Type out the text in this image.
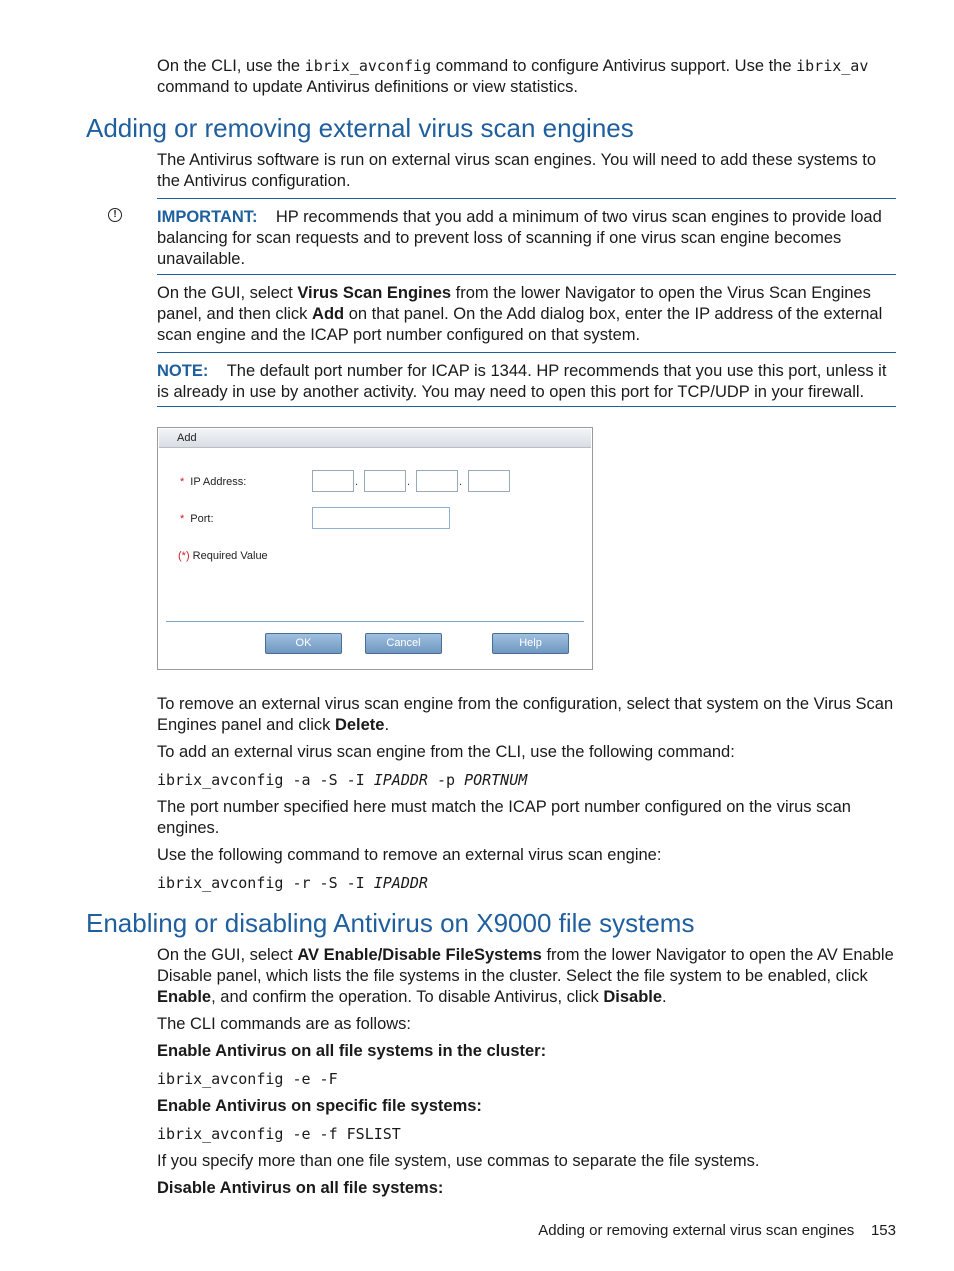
On the CLI, use the ibrix_avconfig command to configure Antivirus support. Use the ibrix_av
command to update Antivirus definitions or view statistics.
Adding or removing external virus scan engines
The Antivirus software is run on external virus scan engines. You will need to add these systems to the Antivirus configuration.
!	IMPORTANT: HP recommends that you add a minimum of two virus scan engines to provide load balancing for scan requests and to prevent loss of scanning if one virus scan engine becomes unavailable.
On the GUI, select Virus Scan Engines from the lower Navigator to open the Virus Scan Engines panel, and then click Add on that panel. On the Add dialog box, enter the IP address of the external scan engine and the ICAP port number configured on that system.
NOTE: The default port number for ICAP is 1344. HP recommends that you use this port, unless it is already in use by another activity. You may need to open this port for TCP/UDP in your firewall.
Add
* IP Address:	.	.	.
* Port:
(*) Required Value
OK	Cancel	Help
To remove an external virus scan engine from the configuration, select that system on the Virus Scan Engines panel and click Delete.
To add an external virus scan engine from the CLI, use the following command:
ibrix_avconfig -a -S -I IPADDR -p PORTNUM
The port number specified here must match the ICAP port number configured on the virus scan engines.
Use the following command to remove an external virus scan engine:
ibrix_avconfig -r -S -I IPADDR
Enabling or disabling Antivirus on X9000 file systems
On the GUI, select AV Enable/Disable FileSystems from the lower Navigator to open the AV Enable Disable panel, which lists the file systems in the cluster. Select the file system to be enabled, click Enable, and confirm the operation. To disable Antivirus, click Disable.
The CLI commands are as follows:
Enable Antivirus on all file systems in the cluster:
ibrix_avconfig -e -F
Enable Antivirus on specific file systems:
ibrix_avconfig -e -f FSLIST
If you specify more than one file system, use commas to separate the file systems.
Disable Antivirus on all file systems:
Adding or removing external virus scan engines 153
